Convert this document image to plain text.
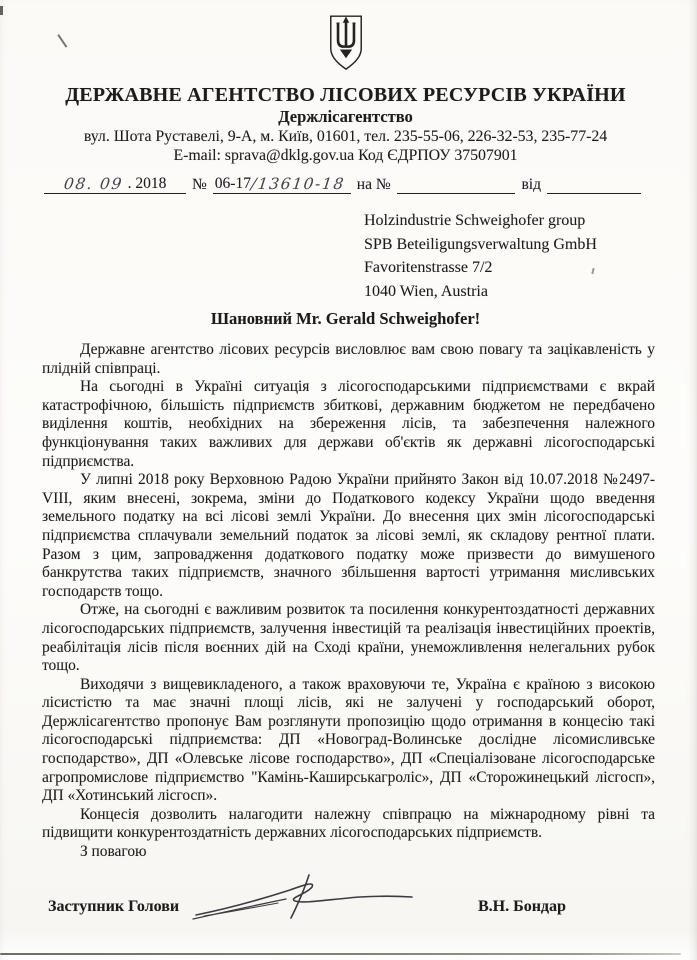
ДЕРЖАВНЕ АГЕНТСТВО ЛІСОВИХ РЕСУРСІВ УКРАЇНИ
Держлісагентство
вул. Шота Руставелі, 9-А, м. Київ, 01601, тел. 235-55-06, 226-32-53, 235-77-24
E-mail: sprava@dklg.gov.ua Код ЄДРПОУ 37507901
08. 09 . 2018	№ 06-17
/13610-18 на №	від
Holzindustrie Schweighofer group
SPB Beteiligungsverwaltung GmbH
Favoritenstrasse 7/2
1040 Wien, Austria
Шановний Mr. Gerald Schweighofer!

Державне агентство лісових ресурсів висловлює вам свою повагу та зацікавленість у плідній співпраці.

На сьогодні в Україні ситуація з лісогосподарськими підприємствами є вкрай катастрофічною, більшість підприємств збиткові, державним бюджетом не передбачено виділення коштів, необхідних на збереження лісів, та забезпечення належного функціонування таких важливих для держави об'єктів як державні лісогосподарські підприємства.

У липні 2018 року Верховною Радою України прийнято Закон від 10.07.2018 №2497-VIII, яким внесені, зокрема, зміни до Податкового кодексу України щодо введення земельного податку на всі лісові землі України. До внесення цих змін лісогосподарські підприємства сплачували земельний податок за лісові землі, як складову рентної плати. Разом з цим, запровадження додаткового податку може призвести до вимушеного банкрутства таких підприємств, значного збільшення вартості утримання мисливських господарств тощо.

Отже, на сьогодні є важливим розвиток та посилення конкурентоздатності державних лісогосподарських підприємств, залучення інвестицій та реалізація інвестиційних проектів, реабілітація лісів після воєнних дій на Сході країни, унеможливлення нелегальних рубок тощо.

Виходячи з вищевикладеного, а також враховуючи те, Україна є країною з високою лісистістю та має значні площі лісів, які не залучені у господарський оборот, Держлісагентство пропонує Вам розглянути пропозицію щодо отримання в концесію такі лісогосподарські підприємства: ДП «Новоград-Волинське дослідне лісомисливське господарство», ДП «Олевське лісове господарство», ДП «Спеціалізоване лісогосподарське агропромислове підприємство "Камінь-Каширськагроліс», ДП «Сторожинецький лісгосп», ДП «Хотинський лісгосп».

Концесія дозволить налагодити належну співпрацю на міжнародному рівні та підвищити конкурентоздатність державних лісогосподарських підприємств.

З повагою

Заступник Голови	В.Н. Бондар
